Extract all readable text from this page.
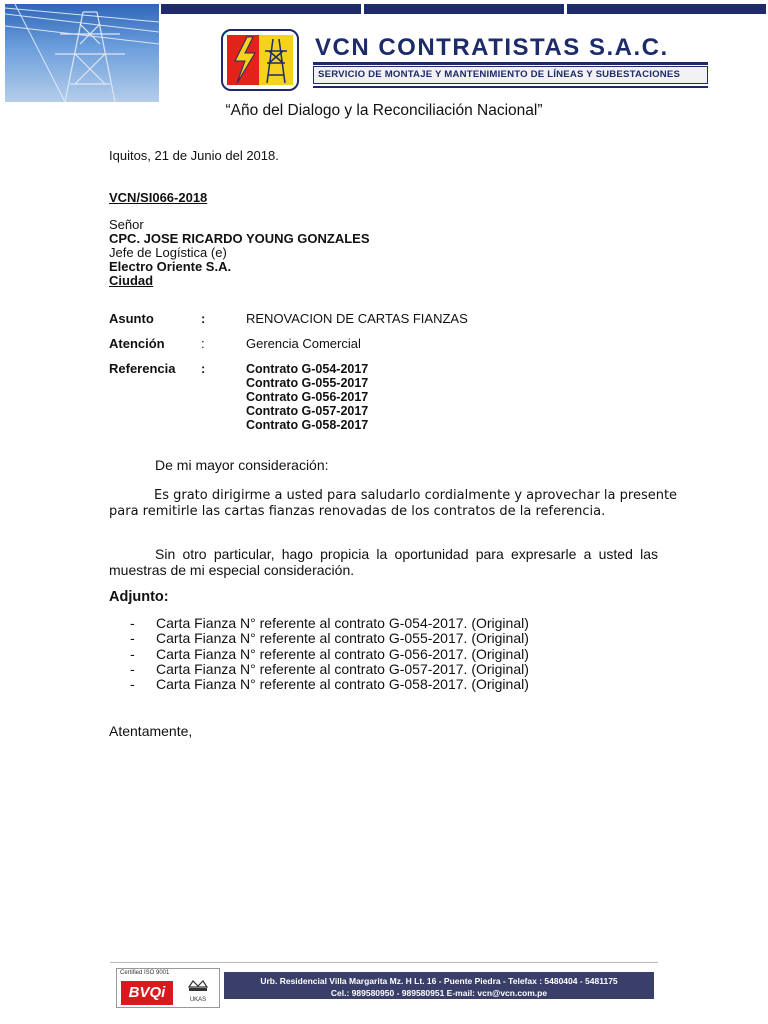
VCN CONTRATISTAS S.A.C.
SERVICIO DE MONTAJE Y MANTENIMIENTO DE LÍNEAS Y SUBESTACIONES
“Año del Dialogo y la Reconciliación Nacional”
Iquitos, 21 de Junio del 2018.
VCN/SI066-2018
Señor
CPC. JOSE RICARDO YOUNG GONZALES
Jefe de Logística (e)
Electro Oriente S.A.
Ciudad
Asunto	:	RENOVACION DE CARTAS FIANZAS
Atención	:	Gerencia Comercial
Referencia :	Contrato G-054-2017
Contrato G-055-2017
Contrato G-056-2017
Contrato G-057-2017
Contrato G-058-2017
De mi mayor consideración:
Es grato dirigirme a usted para saludarlo cordialmente y aprovechar la presente
para remitirle las cartas fianzas renovadas de los contratos de la referencia.
Sin otro particular, hago propicia la oportunidad para expresarle a usted las
muestras de mi especial consideración.
Adjunto:
- Carta Fianza N° referente al contrato G-054-2017. (Original)
- Carta Fianza N° referente al contrato G-055-2017. (Original)
- Carta Fianza N° referente al contrato G-056-2017. (Original)
- Carta Fianza N° referente al contrato G-057-2017. (Original)
- Carta Fianza N° referente al contrato G-058-2017. (Original)
Atentamente,
Certified ISO 9001
BVQi	UKAS
Urb. Residencial Villa Margarita Mz. H Lt. 16 - Puente Piedra - Telefax : 5480404 - 5481175
Cel.: 989580950 - 989580951 E-mail: vcn@vcn.com.pe
